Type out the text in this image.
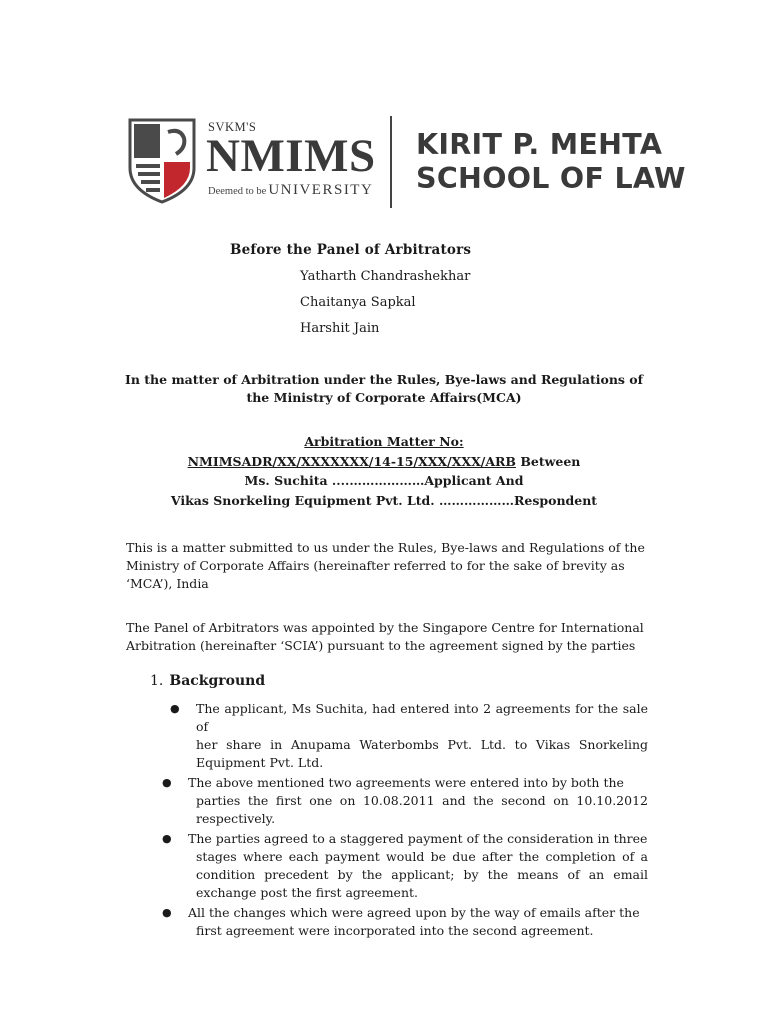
SVKM'S
NMIMS
Deemed to be UNIVERSITY
KIRIT P. MEHTA
SCHOOL OF LAW
Before the Panel of Arbitrators
Yatharth Chandrashekhar
Chaitanya Sapkal
Harshit Jain
In the matter of Arbitration under the Rules, Bye-laws and Regulations of
the Ministry of Corporate Affairs(MCA)
Arbitration Matter No:
NMIMSADR/XX/XXXXXXX/14-15/XXX/XXX/ARB Between
Ms. Suchita ....………………Applicant And
Vikas Snorkeling Equipment Pvt. Ltd. ………………Respondent
This is a matter submitted to us under the Rules, Bye-laws and Regulations of the Ministry of Corporate Affairs (hereinafter referred to for the sake of brevity as ‘MCA’), India
The Panel of Arbitrators was appointed by the Singapore Centre for International Arbitration (hereinafter ‘SCIA’) pursuant to the agreement signed by the parties
1. Background
● The applicant, Ms Suchita, had entered into 2 agreements for the sale of
her share in Anupama Waterbombs Pvt. Ltd. to Vikas Snorkeling Equipment Pvt. Ltd.
● The above mentioned two agreements were entered into by both the
parties the first one on 10.08.2011 and the second on 10.10.2012 respectively.
● The parties agreed to a staggered payment of the consideration in three
stages where each payment would be due after the completion of a condition precedent by the applicant; by the means of an email exchange post the first agreement.
● All the changes which were agreed upon by the way of emails after the
first agreement were incorporated into the second agreement.
